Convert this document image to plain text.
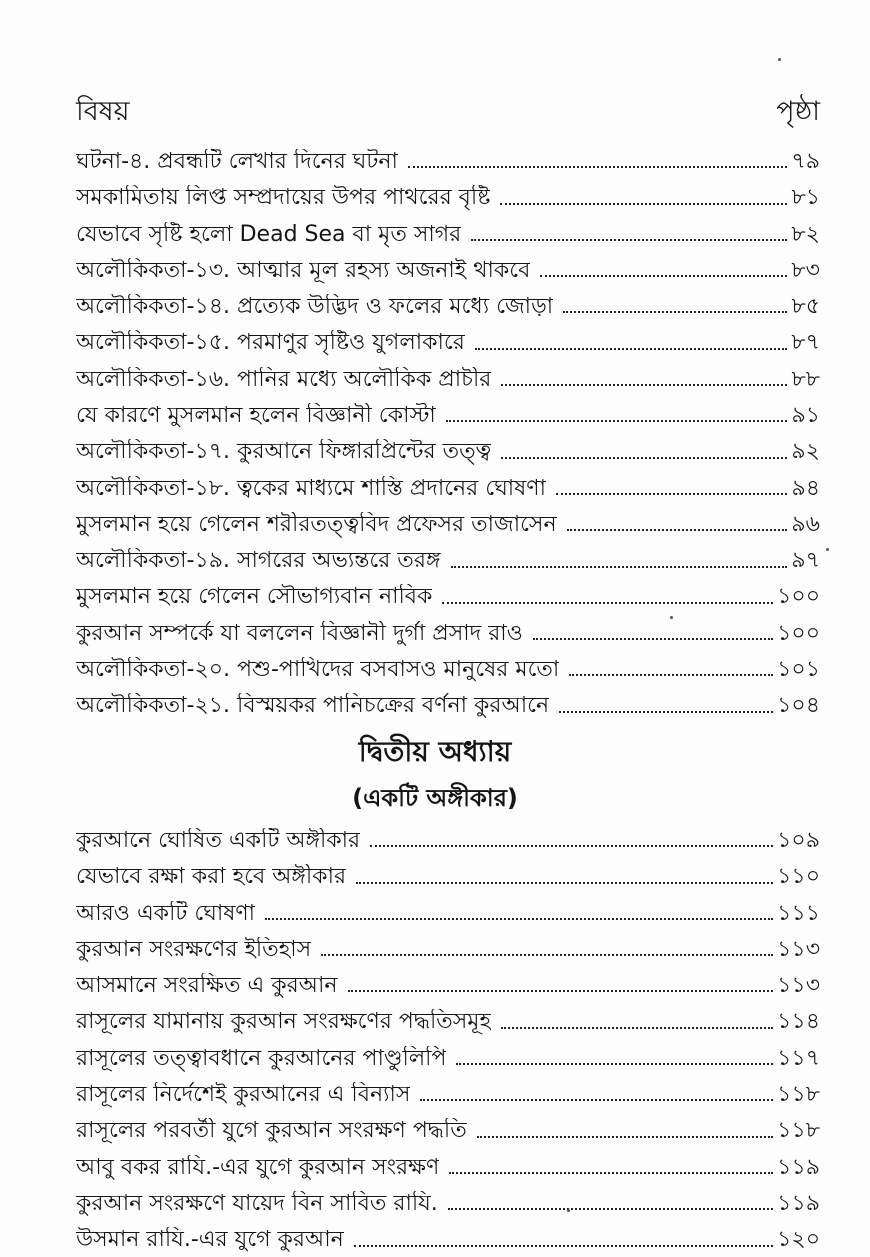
বিষয়	পৃষ্ঠা
ঘটনা-৪. প্রবন্ধটি লেখার দিনের ঘটনা	৭৯
সমকামিতায় লিপ্ত সম্প্রদায়ের উপর পাথরের বৃষ্টি	৮১
যেভাবে সৃষ্টি হলো Dead Sea বা মৃত সাগর	৮২
অলৌকিকতা-১৩. আত্মার মূল রহস্য অজনাই থাকবে	৮৩
অলৌকিকতা-১৪. প্রত্যেক উদ্ভিদ ও ফলের মধ্যে জোড়া	৮৫
অলৌকিকতা-১৫. পরমাণুর সৃষ্টিও যুগলাকারে	৮৭
অলৌকিকতা-১৬. পানির মধ্যে অলৌকিক প্রাচীর	৮৮
যে কারণে মুসলমান হলেন বিজ্ঞানী কোস্টা	৯১
অলৌকিকতা-১৭. কুরআনে ফিঙ্গারপ্রিন্টের তত্ত্ব	৯২
অলৌকিকতা-১৮. ত্বকের মাধ্যমে শাস্তি প্রদানের ঘোষণা	৯৪
মুসলমান হয়ে গেলেন শরীরতত্ত্ববিদ প্রফেসর তাজাসেন	৯৬
অলৌকিকতা-১৯. সাগরের অভ্যন্তরে তরঙ্গ	৯৭
মুসলমান হয়ে গেলেন সৌভাগ্যবান নাবিক	১০০
কুরআন সম্পর্কে যা বললেন বিজ্ঞানী দুর্গা প্রসাদ রাও	১০০
অলৌকিকতা-২০. পশু-পাখিদের বসবাসও মানুষের মতো	১০১
অলৌকিকতা-২১. বিস্ময়কর পানিচক্রের বর্ণনা কুরআনে	১০৪
দ্বিতীয় অধ্যায়
(একটি অঙ্গীকার)
কুরআনে ঘোষিত একটি অঙ্গীকার	১০৯
যেভাবে রক্ষা করা হবে অঙ্গীকার	১১০
আরও একটি ঘোষণা	১১১
কুরআন সংরক্ষণের ইতিহাস	১১৩
আসমানে সংরক্ষিত এ কুরআন	১১৩
রাসূলের যামানায় কুরআন সংরক্ষণের পদ্ধতিসমূহ	১১৪
রাসূলের তত্ত্বাবধানে কুরআনের পাণ্ডুলিপি	১১৭
রাসূলের নির্দেশেই কুরআনের এ বিন্যাস	১১৮
রাসূলের পরবর্তী যুগে কুরআন সংরক্ষণ পদ্ধতি	১১৮
আবু বকর রাযি.-এর যুগে কুরআন সংরক্ষণ	১১৯
কুরআন সংরক্ষণে যায়েদ বিন সাবিত রাযি.	১১৯
উসমান রাযি.-এর যুগে কুরআন	১২০
